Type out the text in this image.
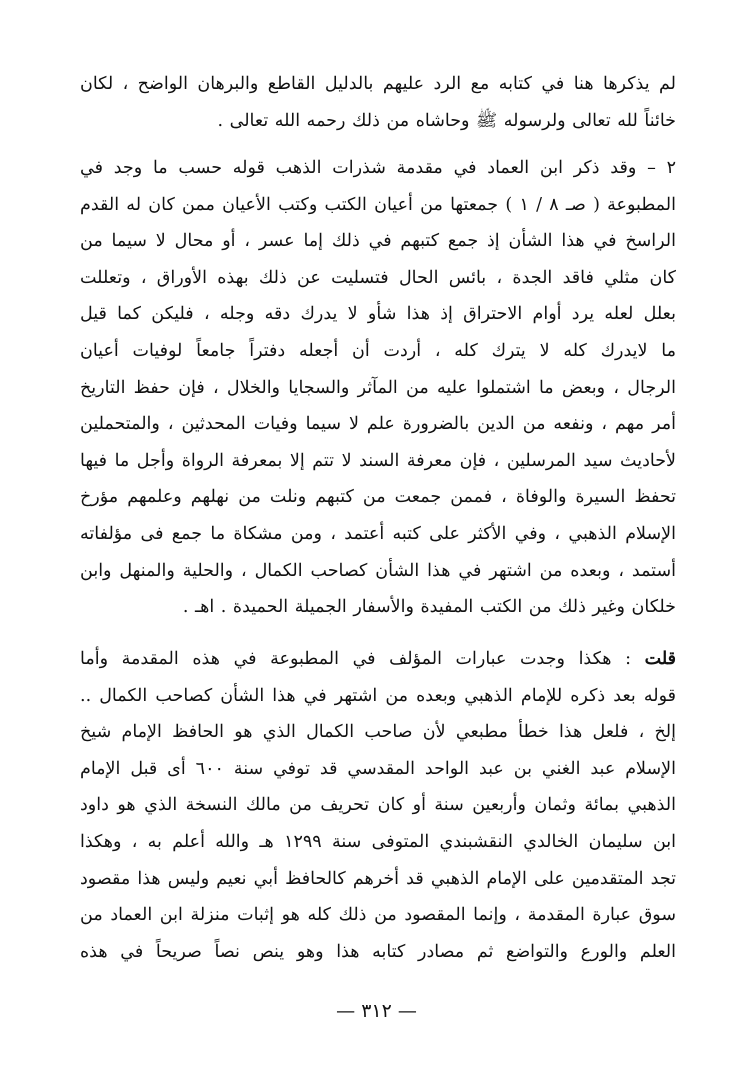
لم يذكرها هنا في كتابه مع الرد عليهم بالدليل القاطع والبرهان الواضح ، لكان
خائناً لله تعالى ولرسوله ﷺ وحاشاه من ذلك رحمه الله تعالى .
٢ – وقد ذكر ابن العماد في مقدمة شذرات الذهب قوله حسب ما وجد في
المطبوعة ( صـ ٨ / ١ ) جمعتها من أعيان الكتب وكتب الأعيان ممن كان له القدم
الراسخ في هذا الشأن إذ جمع كتبهم في ذلك إما عسر ، أو محال لا سيما من
كان مثلي فاقد الجدة ، بائس الحال فتسليت عن ذلك بهذه الأوراق ، وتعللت
بعلل لعله يرد أوام الاحتراق إذ هذا شأو لا يدرك دقه وجله ، فليكن كما قيل
ما لايدرك كله لا يترك كله ، أردت أن أجعله دفتراً جامعاً لوفيات أعيان
الرجال ، وبعض ما اشتملوا عليه من المآثر والسجايا والخلال ، فإن حفظ التاريخ
أمر مهم ، ونفعه من الدين بالضرورة علم لا سيما وفيات المحدثين ، والمتحملين
لأحاديث سيد المرسلين ، فإن معرفة السند لا تتم إلا بمعرفة الرواة وأجل ما فيها
تحفظ السيرة والوفاة ، فممن جمعت من كتبهم ونلت من نهلهم وعلمهم مؤرخ
الإسلام الذهبي ، وفي الأكثر على كتبه أعتمد ، ومن مشكاة ما جمع فى مؤلفاته
أستمد ، وبعده من اشتهر في هذا الشأن كصاحب الكمال ، والحلية والمنهل وابن
خلكان وغير ذلك من الكتب المفيدة والأسفار الجميلة الحميدة . اهـ .
قلت : هكذا وجدت عبارات المؤلف في المطبوعة في هذه المقدمة وأما
قوله بعد ذكره للإمام الذهبي وبعده من اشتهر في هذا الشأن كصاحب الكمال ..
إلخ ، فلعل هذا خطأ مطبعي لأن صاحب الكمال الذي هو الحافظ الإمام شيخ
الإسلام عبد الغني بن عبد الواحد المقدسي قد توفي سنة ٦٠٠ أى قبل الإمام
الذهبي بمائة وثمان وأربعين سنة أو كان تحريف من مالك النسخة الذي هو داود
ابن سليمان الخالدي النقشبندي المتوفى سنة ١٢٩٩ هـ والله أعلم به ، وهكذا
تجد المتقدمين على الإمام الذهبي قد أخرهم كالحافظ أبي نعيم وليس هذا مقصود
سوق عبارة المقدمة ، وإنما المقصود من ذلك كله هو إثبات منزلة ابن العماد من
العلم والورع والتواضع ثم مصادر كتابه هذا وهو ينص نصاً صريحاً في هذه
— ٣١٢ —
